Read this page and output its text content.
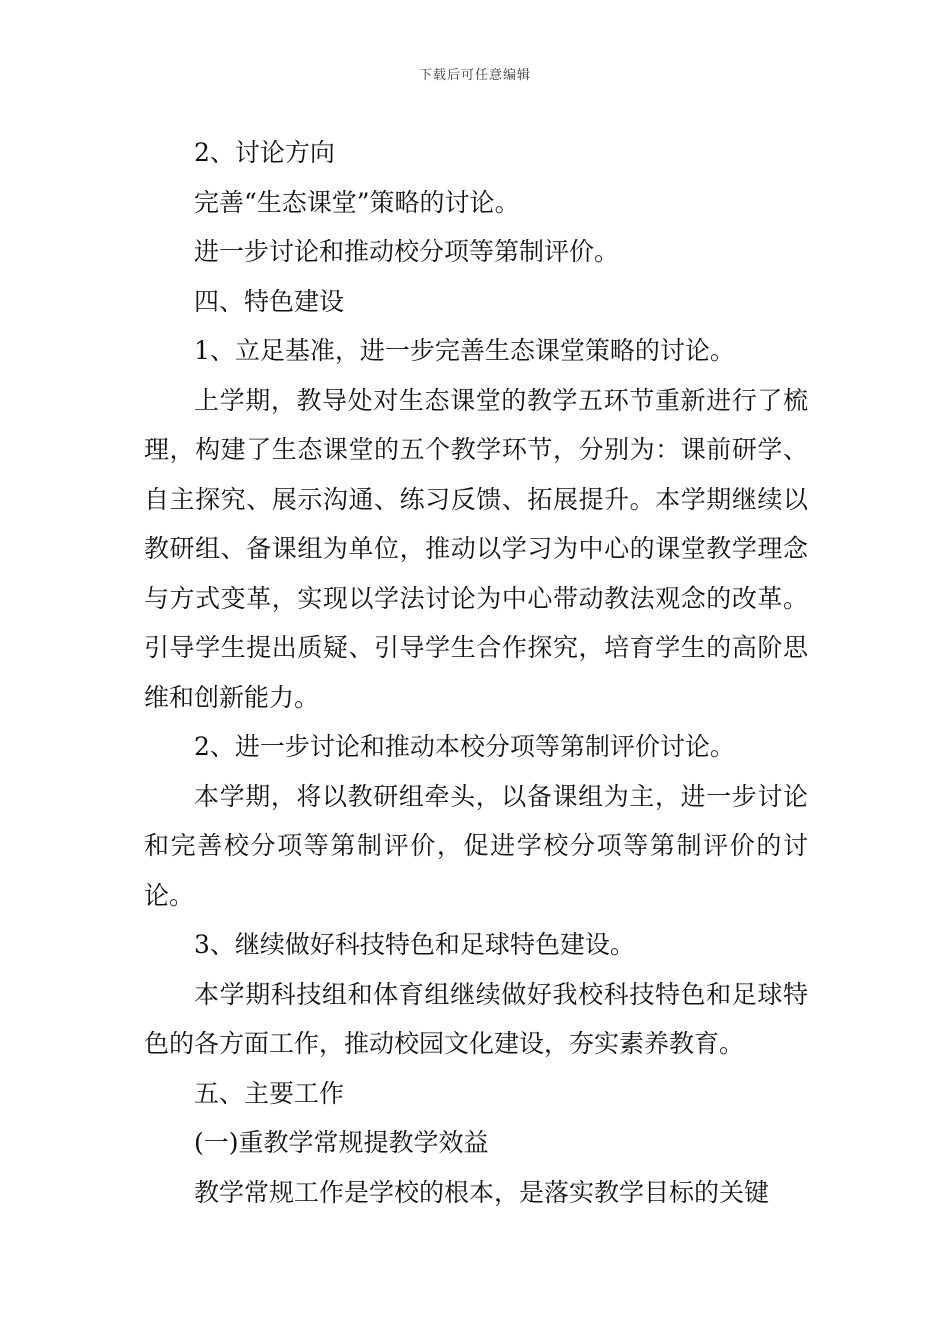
下载后可任意编辑

2、讨论方向

完善“生态课堂”策略的讨论。

进一步讨论和推动校分项等第制评价。

四、特色建设

1、立足基准，进一步完善生态课堂策略的讨论。

上学期，教导处对生态课堂的教学五环节重新进行了梳理，构建了生态课堂的五个教学环节，分别为：课前研学、自主探究、展示沟通、练习反馈、拓展提升。本学期继续以教研组、备课组为单位，推动以学习为中心的课堂教学理念与方式变革，实现以学法讨论为中心带动教法观念的改革。引导学生提出质疑、引导学生合作探究，培育学生的高阶思维和创新能力。

2、进一步讨论和推动本校分项等第制评价讨论。

本学期，将以教研组牵头，以备课组为主，进一步讨论和完善校分项等第制评价，促进学校分项等第制评价的讨论。

3、继续做好科技特色和足球特色建设。

本学期科技组和体育组继续做好我校科技特色和足球特色的各方面工作，推动校园文化建设，夯实素养教育。

五、主要工作

(一)重教学常规提教学效益

教学常规工作是学校的根本，是落实教学目标的关键
